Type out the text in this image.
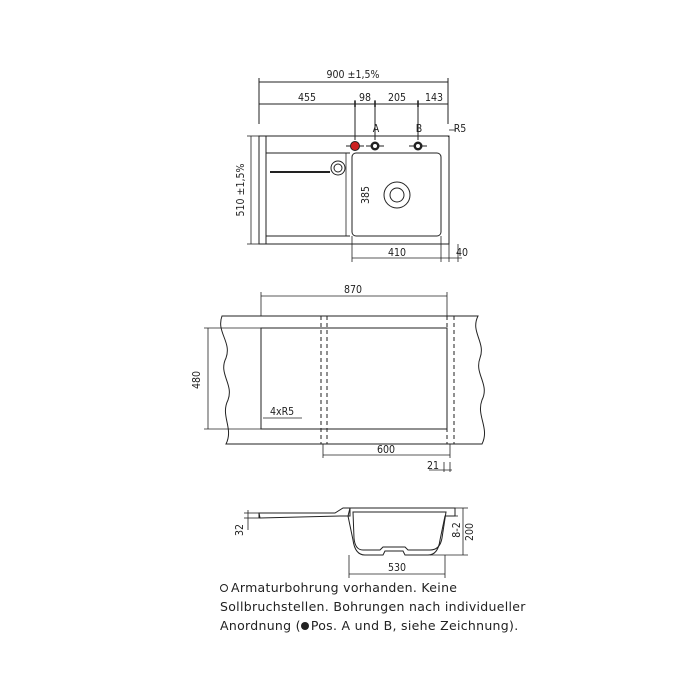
900 ±1,5%
455	98 205 143
A	B	R5
510 ±1,5%	385
410	40
870
480
4xR5
600
21
32	8-2 200
530
Armaturbohrung vorhanden. Keine
Sollbruchstellen. Bohrungen nach individueller
Anordnung ( Pos. A und B, siehe Zeichnung).
